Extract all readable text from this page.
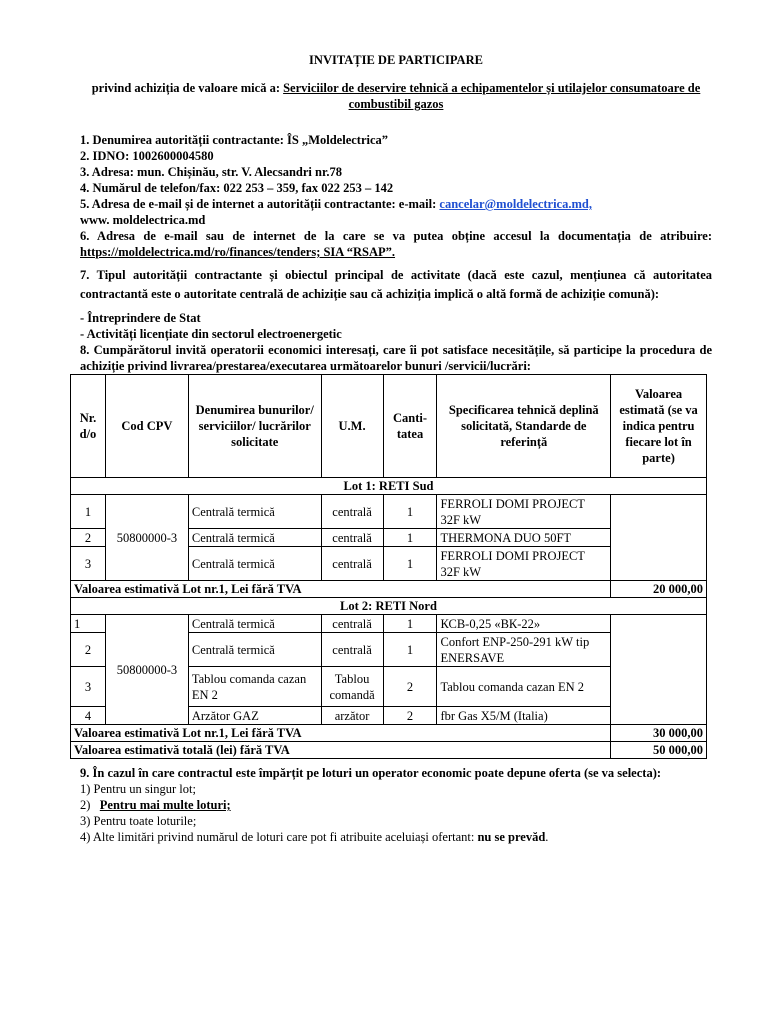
INVITAȚIE DE PARTICIPARE
privind achiziția de valoare mică a: Serviciilor de deservire tehnică a echipamentelor și utilajelor consumatoare de combustibil gazos

1. Denumirea autorității contractante: ÎS „Moldelectrica”

2. IDNO: 1002600004580

3. Adresa: mun. Chișinău, str. V. Alecsandri nr.78

4. Numărul de telefon/fax: 022 253 – 359, fax 022 253 – 142

5. Adresa de e-mail și de internet a autorității contractante: e-mail: cancelar@moldelectrica.md,

www. moldelectrica.md

6. Adresa de e-mail sau de internet de la care se va putea obține accesul la documentația de atribuire: https://moldelectrica.md/ro/finances/tenders; SIA “RSAP”.

7. Tipul autorității contractante și obiectul principal de activitate (dacă este cazul, mențiunea că autoritatea contractantă este o autoritate centrală de achiziție sau că achiziția implică o altă formă de achiziție comună):

- Întreprindere de Stat

- Activități licențiate din sectorul electroenergetic

8. Cumpărătorul invită operatorii economici interesați, care îi pot satisface necesitățile, să participe la procedura de achiziție privind livrarea/prestarea/executarea următoarelor bunuri /servicii/lucrări:

Nr. d/o	Cod CPV	Denumirea bunurilor/ serviciilor/ lucrărilor solicitate	U.M.	Canti-tatea	Specificarea tehnică deplină solicitată, Standarde de referință	Valoarea estimată (se va indica pentru fiecare lot în parte)
Lot 1: RETI Sud						
1	50800000-3	Centrală termică	centrală	1	FERROLI DOMI PROJECT 32F kW	
2		Centrală termică	centrală	1	THERMONA DUO 50FT	
3		Centrală termică	centrală	1	FERROLI DOMI PROJECT 32F kW	
Valoarea estimativă Lot nr.1, Lei fără TVA						20 000,00
Lot 2: RETI Nord						
1	50800000-3	Centrală termică	centrală	1	КСВ-0,25 «ВК-22»	
2		Centrală termică	centrală	1	Confort ENP-250-291 kW tip ENERSAVE	
3		Tablou comanda cazan EN 2	Tablou comandă	2	Tablou comanda cazan EN 2	
4		Arzător GAZ	arzător	2	fbr Gas X5/M (Italia)	
Valoarea estimativă Lot nr.1, Lei fără TVA						30 000,00
Valoarea estimativă totală (lei) fără TVA						50 000,00

9. În cazul în care contractul este împărțit pe loturi un operator economic poate depune oferta (se va selecta):

1) Pentru un singur lot;

2)   Pentru mai multe loturi;

3) Pentru toate loturile;

4) Alte limitări privind numărul de loturi care pot fi atribuite aceluiași ofertant: nu se prevăd.
